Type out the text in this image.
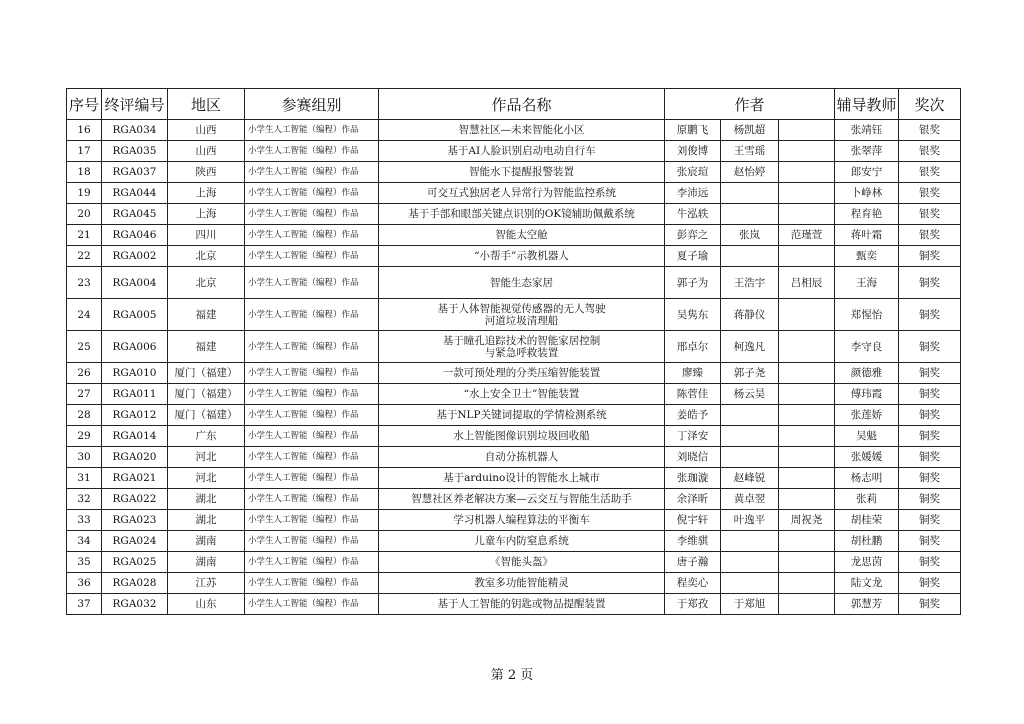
序号	终评编号	地区	参赛组别	作品名称	作者			辅导教师	奖次
16	RGA034	山西	小学生人工智能（编程）作品	智慧社区—未来智能化小区	原鹏飞	杨凯超		张靖钰	银奖
17	RGA035	山西	小学生人工智能（编程）作品	基于AI人脸识别启动电动自行车	刘俊博	王雪瑶		张翠萍	银奖
18	RGA037	陕西	小学生人工智能（编程）作品	智能水下提醒报警装置	张宸瑄	赵怡婷		郎安宁	银奖
19	RGA044	上海	小学生人工智能（编程）作品	可交互式独居老人异常行为智能监控系统	李沛远			卜峥林	银奖
20	RGA045	上海	小学生人工智能（编程）作品	基于手部和眼部关键点识别的OK镜辅助佩戴系统	牛泓轶			程育艳	银奖
21	RGA046	四川	小学生人工智能（编程）作品	智能太空舱	彭弈之	张岚	范瑾萱	蒋叶霜	银奖
22	RGA002	北京	小学生人工智能（编程）作品	“小帮手”示教机器人	夏子瑜			甄奕	铜奖
23	RGA004	北京	小学生人工智能（编程）作品	智能生态家居	郭子为	王浩宇	吕相辰	王海	铜奖
24	RGA005	福建	小学生人工智能（编程）作品	基于人体智能视觉传感器的无人驾驶
河道垃圾清理船	吴隽东	蒋静仪		郑惺怡	铜奖
25	RGA006	福建	小学生人工智能（编程）作品	基于瞳孔追踪技术的智能家居控制
与紧急呼救装置	邢卓尔	柯逸凡		李守良	铜奖
26	RGA010	厦门（福建）	小学生人工智能（编程）作品	一款可预处理的分类压缩智能装置	廖臻	郭子尧		颜德雅	铜奖
27	RGA011	厦门（福建）	小学生人工智能（编程）作品	“水上安全卫士”智能装置	陈菅佳	杨云昊		傅玮霞	铜奖
28	RGA012	厦门（福建）	小学生人工智能（编程）作品	基于NLP关键词提取的学情检测系统	姜皓予			张莲娇	铜奖
29	RGA014	广东	小学生人工智能（编程）作品	水上智能图像识别垃圾回收船	丁泽安			吴魁	铜奖
30	RGA020	河北	小学生人工智能（编程）作品	自动分拣机器人	刘晓信			张媛媛	铜奖
31	RGA021	河北	小学生人工智能（编程）作品	基于arduino设计的智能水上城市	张珈漩	赵峰锐		杨志明	铜奖
32	RGA022	湖北	小学生人工智能（编程）作品	智慧社区养老解决方案—云交互与智能生活助手	余泽昕	黄卓翌		张莉	铜奖
33	RGA023	湖北	小学生人工智能（编程）作品	学习机器人编程算法的平衡车	倪宇轩	叶逸平	周祝尧	胡桂荣	铜奖
34	RGA024	湖南	小学生人工智能（编程）作品	儿童车内防窒息系统	李维骐			胡杜鹏	铜奖
35	RGA025	湖南	小学生人工智能（编程）作品	《智能头盔》	唐子瀚			龙思茵	铜奖
36	RGA028	江苏	小学生人工智能（编程）作品	教室多功能智能精灵	程奕心			陆文龙	铜奖
37	RGA032	山东	小学生人工智能（编程）作品	基于人工智能的钥匙或物品提醒装置	于郑孜	于郑旭		郭慧芳	铜奖
第 2 页
